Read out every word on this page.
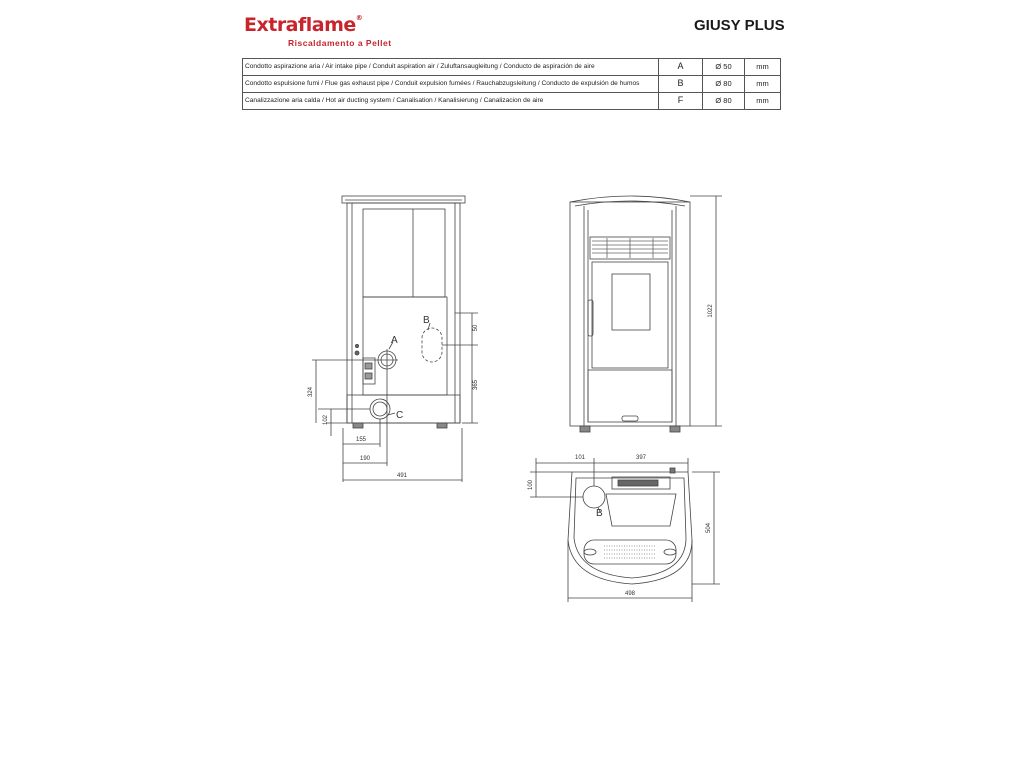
Extraflame®
Riscaldamento a Pellet
GIUSY PLUS
Condotto aspirazione aria / Air intake pipe / Conduit aspiration air / Zuluftansaugleitung / Conducto de aspiración de aire	A	Ø 50	mm
Condotto espulsione fumi / Flue gas exhaust pipe / Conduit expulsion fumées / Rauchabzugsleitung / Conducto de expulsión de humos	B	Ø 80	mm
Canalizzazione aria calda / Hot air ducting system / Canalisation / Kanalisierung / Canalizacion de aire	F	Ø 80	mm
A
B
C
50
365
324
102
155
190
491
1022
B
101	397
100
504
498
